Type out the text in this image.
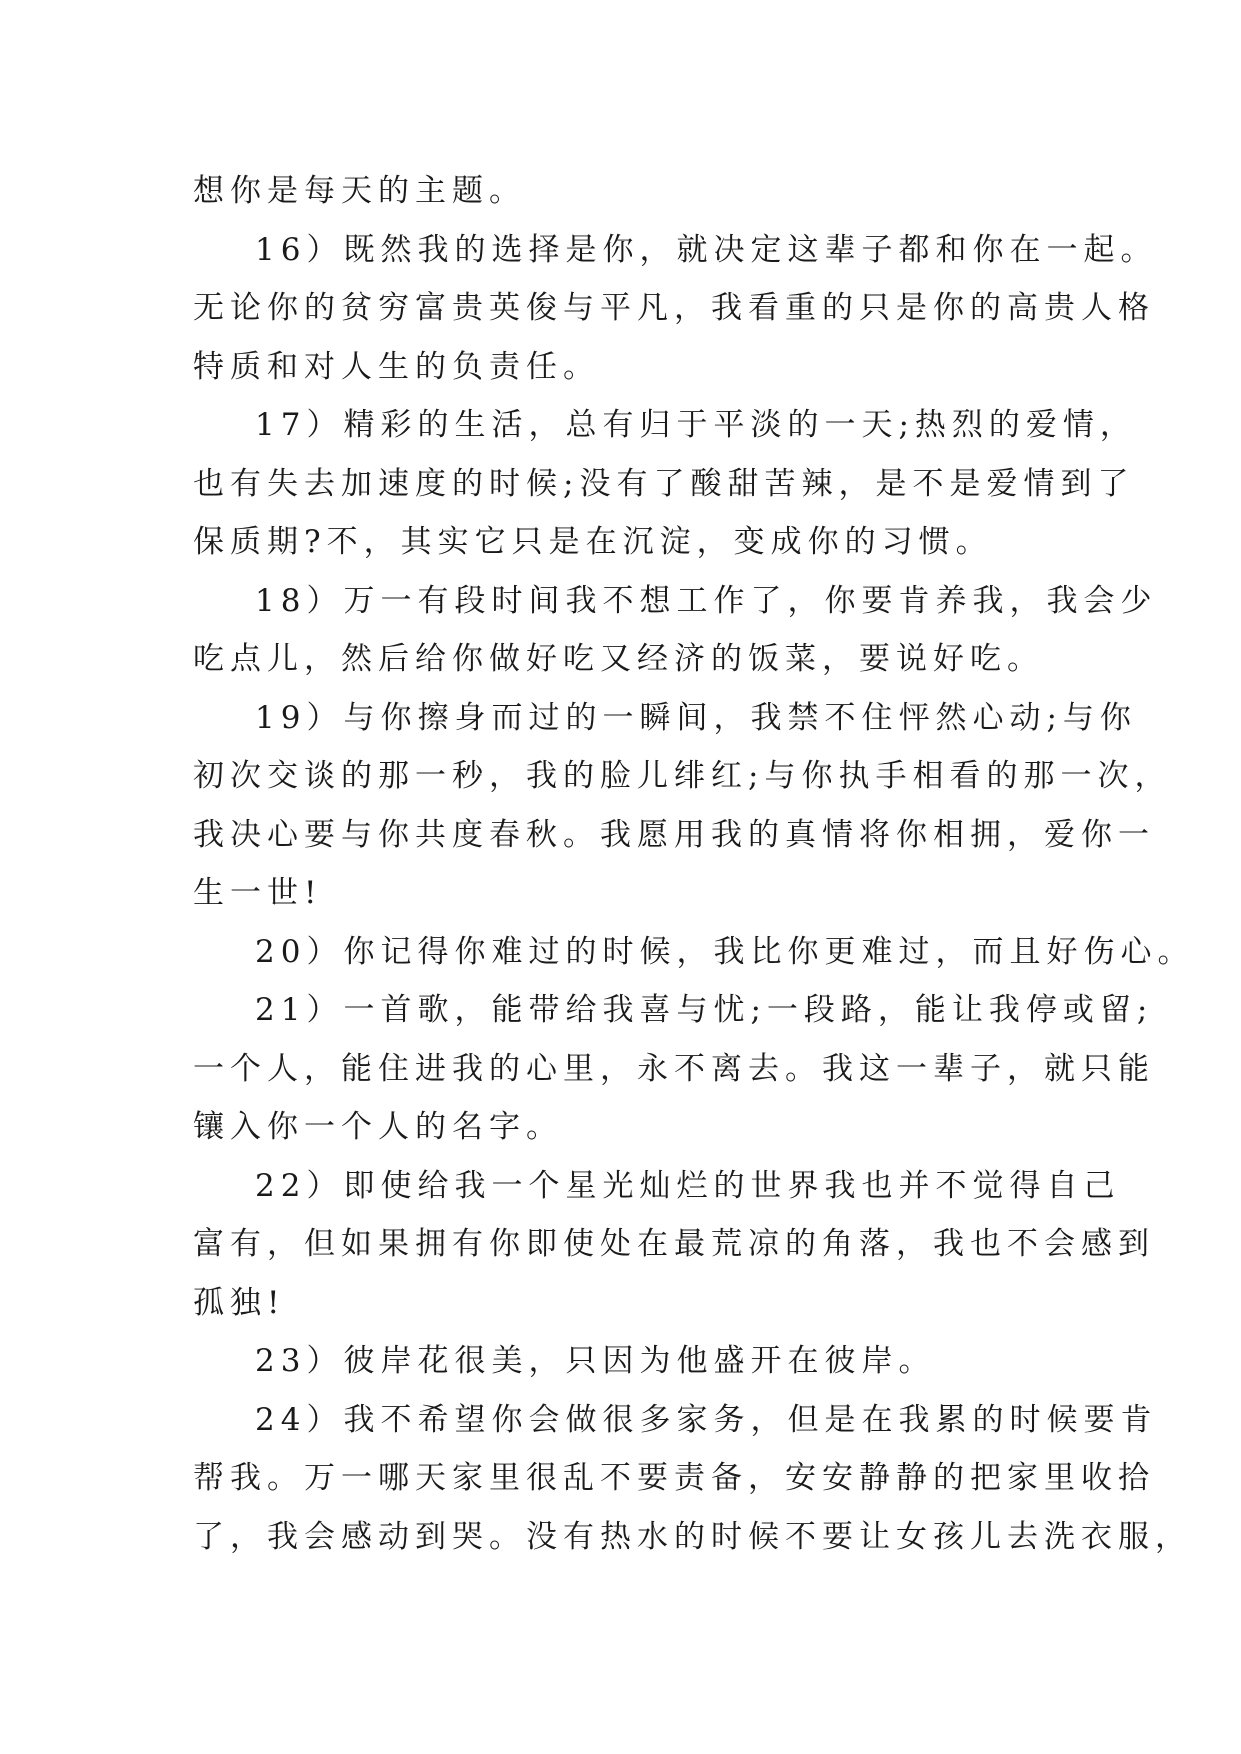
想你是每天的主题。
16）既然我的选择是你，就决定这辈子都和你在一起。
无论你的贫穷富贵英俊与平凡，我看重的只是你的高贵人格
特质和对人生的负责任。
17）精彩的生活，总有归于平淡的一天;热烈的爱情，
也有失去加速度的时候;没有了酸甜苦辣，是不是爱情到了
保质期?不，其实它只是在沉淀，变成你的习惯。
18）万一有段时间我不想工作了，你要肯养我，我会少
吃点儿，然后给你做好吃又经济的饭菜，要说好吃。
19）与你擦身而过的一瞬间，我禁不住怦然心动;与你
初次交谈的那一秒，我的脸儿绯红;与你执手相看的那一次，
我决心要与你共度春秋。我愿用我的真情将你相拥，爱你一
生一世!
20）你记得你难过的时候，我比你更难过，而且好伤心。
21）一首歌，能带给我喜与忧;一段路，能让我停或留;
一个人，能住进我的心里，永不离去。我这一辈子，就只能
镶入你一个人的名字。
22）即使给我一个星光灿烂的世界我也并不觉得自己
富有，但如果拥有你即使处在最荒凉的角落，我也不会感到
孤独!
23）彼岸花很美，只因为他盛开在彼岸。
24）我不希望你会做很多家务，但是在我累的时候要肯
帮我。万一哪天家里很乱不要责备，安安静静的把家里收拾
了，我会感动到哭。没有热水的时候不要让女孩儿去洗衣服，
